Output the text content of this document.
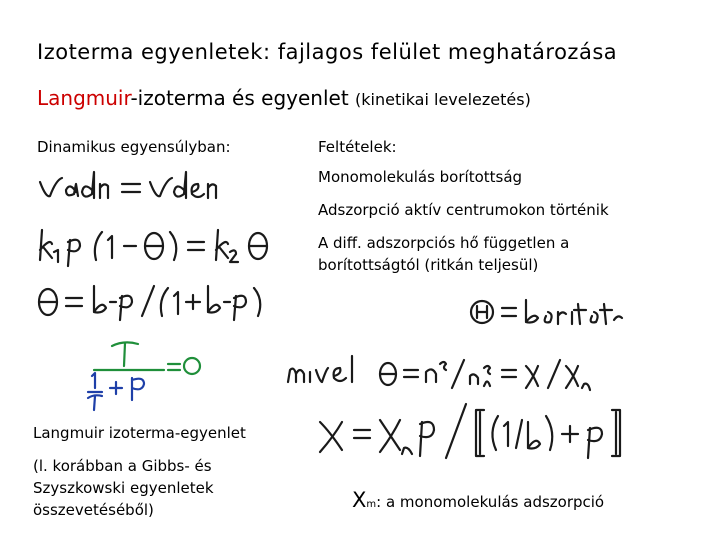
Izoterma egyenletek: fajlagos felület meghatározása
Langmuir-izoterma és egyenlet (kinetikai levelezetés)
Dinamikus egyensúlyban:	Feltételek:
Monomolekulás borítottság
Adszorpció aktív centrumokon történik
A diff. adszorpciós hő független a borítottságtól (ritkán teljesül)
Langmuir izoterma-egyenlet
(l. korábban a Gibbs- és Szyszkowski egyenletek összevetéséből)	Xm: a monomolekulás adszorpció
